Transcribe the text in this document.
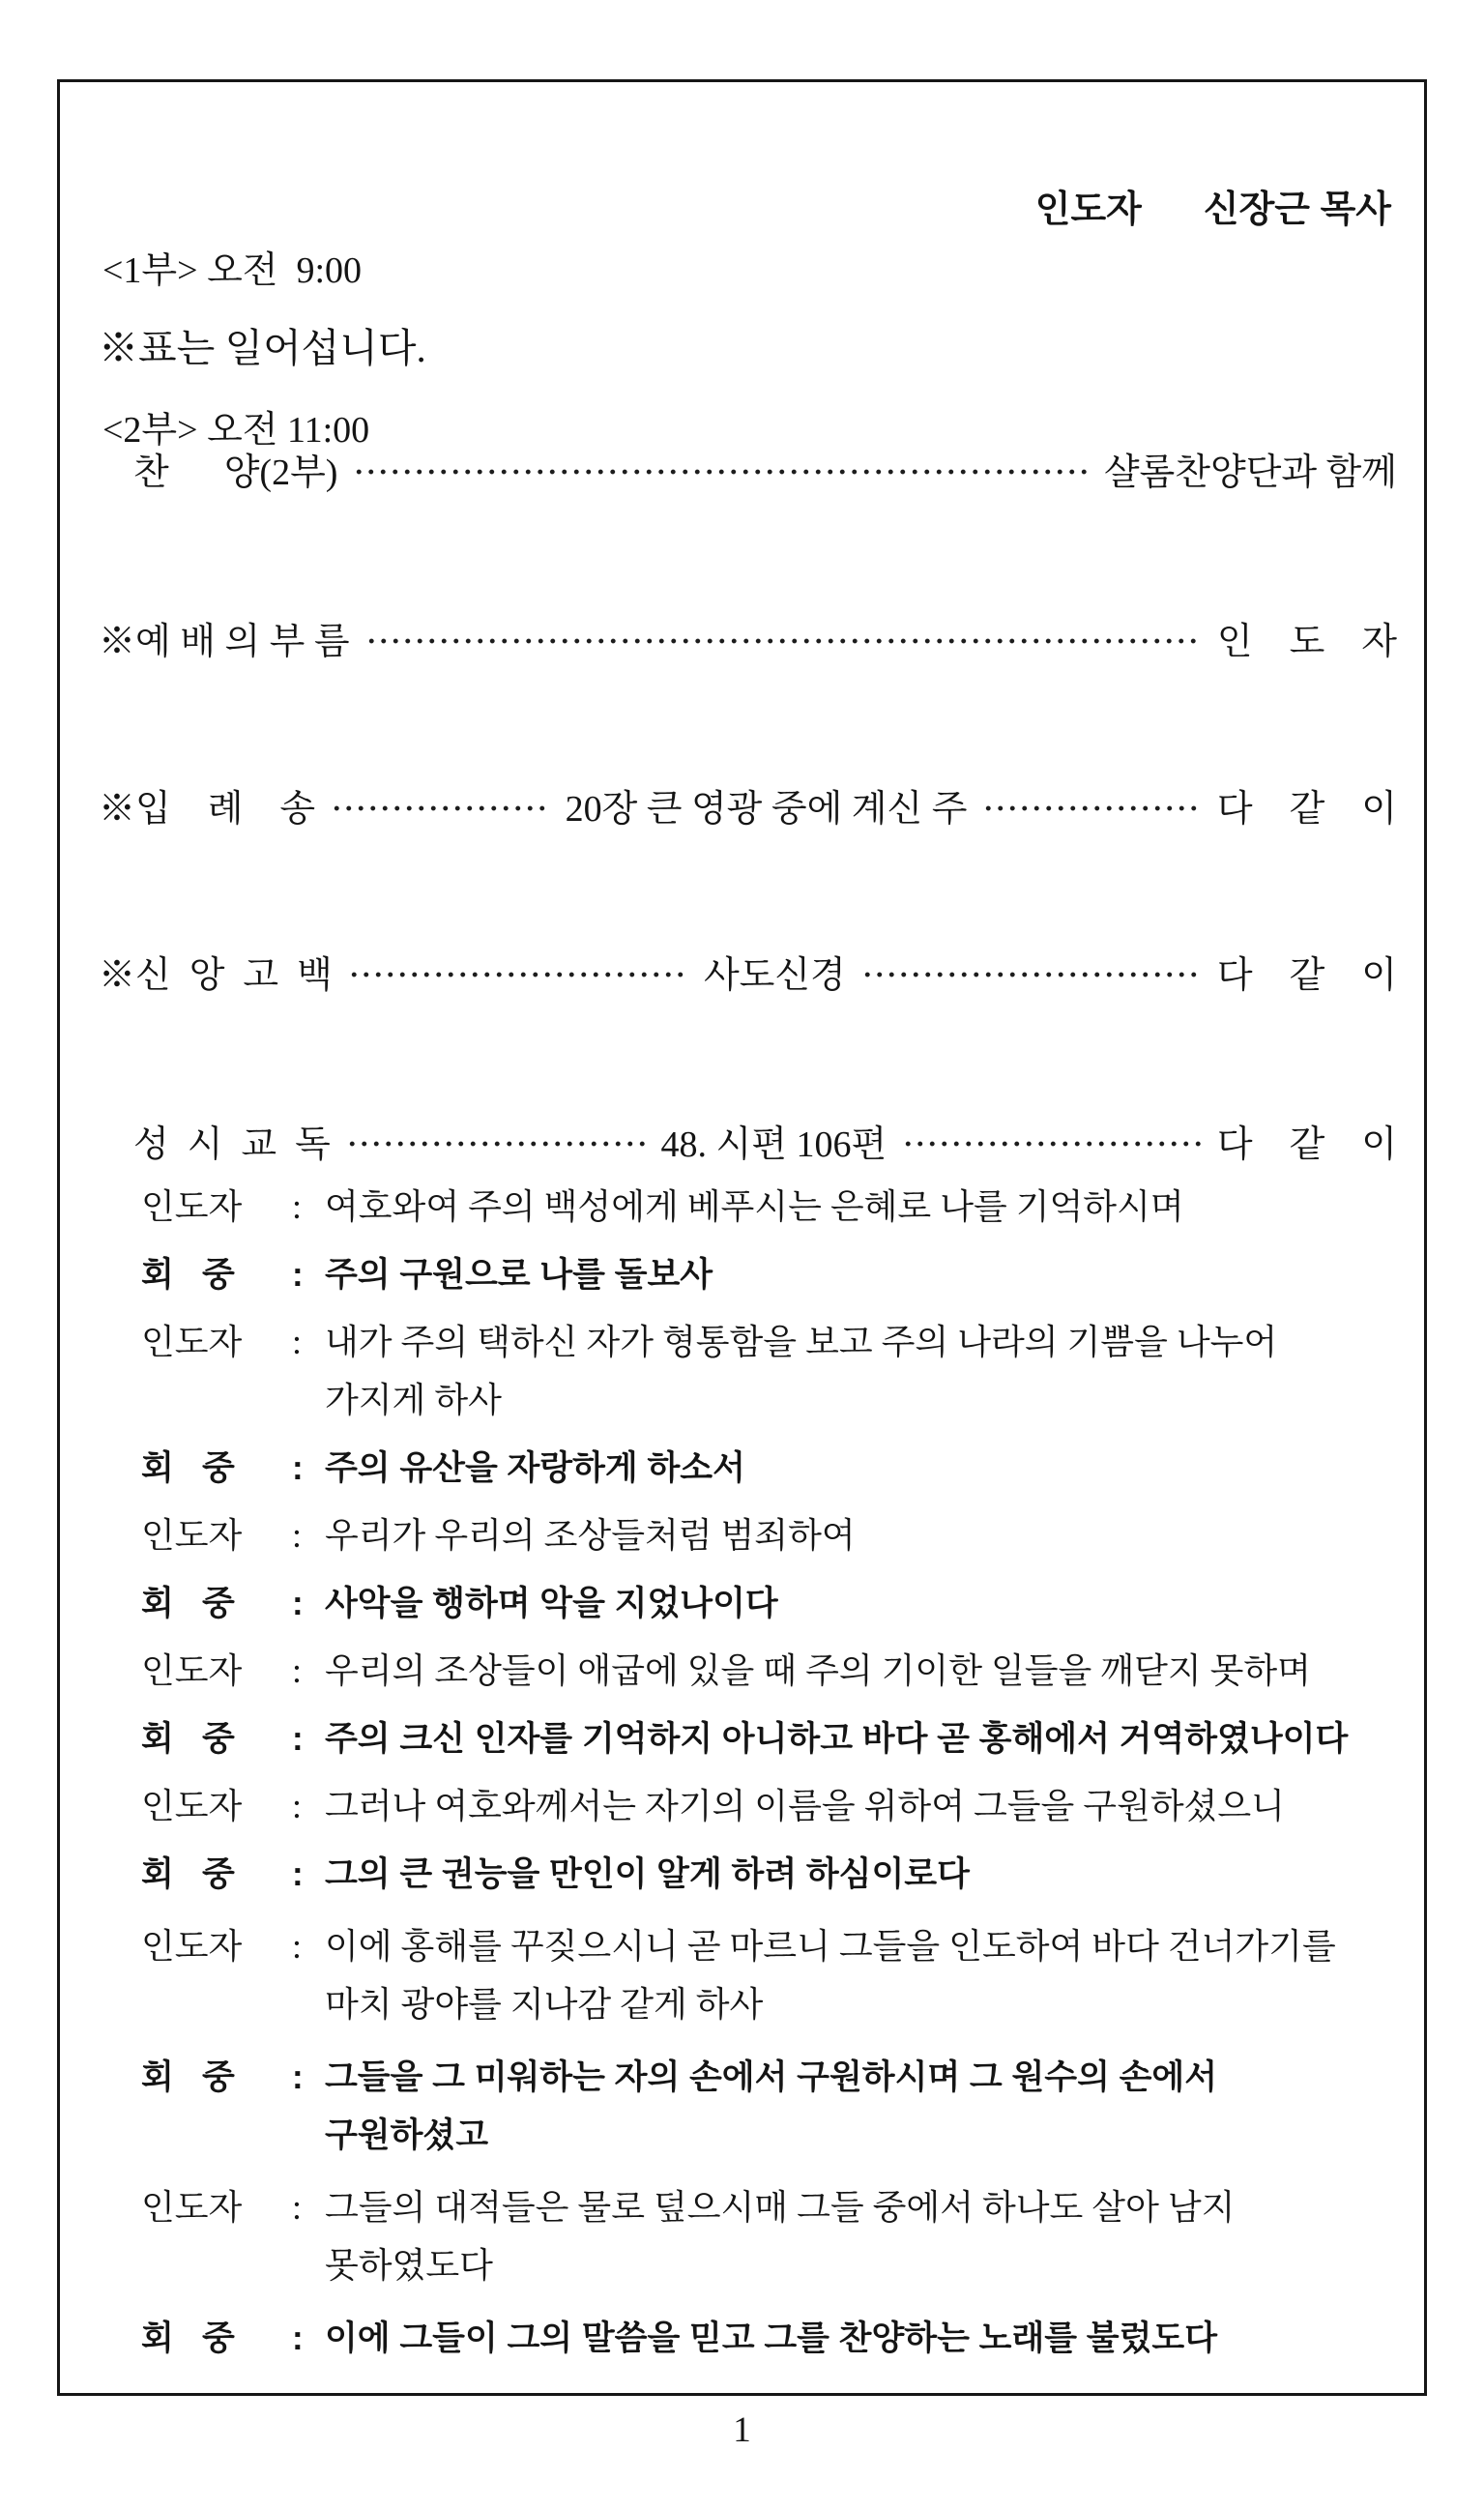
<1부> 오전  9:00

<2부> 오전 11:00

인도자 신장근 목사

※표는 일어섭니다.
찬      양(2부)	샬롬찬양단과 함께
※예 배 의 부 름	인    도    자
※입    례    송	20장 큰 영광 중에 계신 주	다    같    이
※신  앙  고  백	사도신경	다    같    이
성  시  교  독	48. 시편 106편	다    같    이
인도자 : 여호와여 주의 백성에게 베푸시는 은혜로 나를 기억하시며
회   중 : 주의 구원으로 나를 돌보사
인도자 : 내가 주의 택하신 자가 형통함을 보고 주의 나라의 기쁨을 나누어
가지게 하사
회   중 : 주의 유산을 자랑하게 하소서
인도자 : 우리가 우리의 조상들처럼 범죄하여
회   중 : 사악을 행하며 악을 지었나이다
인도자 : 우리의 조상들이 애굽에 있을 때 주의 기이한 일들을 깨닫지 못하며
회   중 : 주의 크신 인자를 기억하지 아니하고 바다 곧 홍해에서 거역하였나이다
인도자 : 그러나 여호와께서는 자기의 이름을 위하여 그들을 구원하셨으니
회   중 : 그의 큰 권능을 만인이 알게 하려 하심이로다
인도자 : 이에 홍해를 꾸짖으시니 곧 마르니 그들을 인도하여 바다 건너가기를
마치 광야를 지나감 같게 하사
회   중 : 그들을 그 미워하는 자의 손에서 구원하시며 그 원수의 손에서
구원하셨고
인도자 : 그들의 대적들은 물로 덮으시매 그들 중에서 하나도 살아 남지
못하였도다
회   중 : 이에 그들이 그의 말씀을 믿고 그를 찬양하는 노래를 불렀도다
1
